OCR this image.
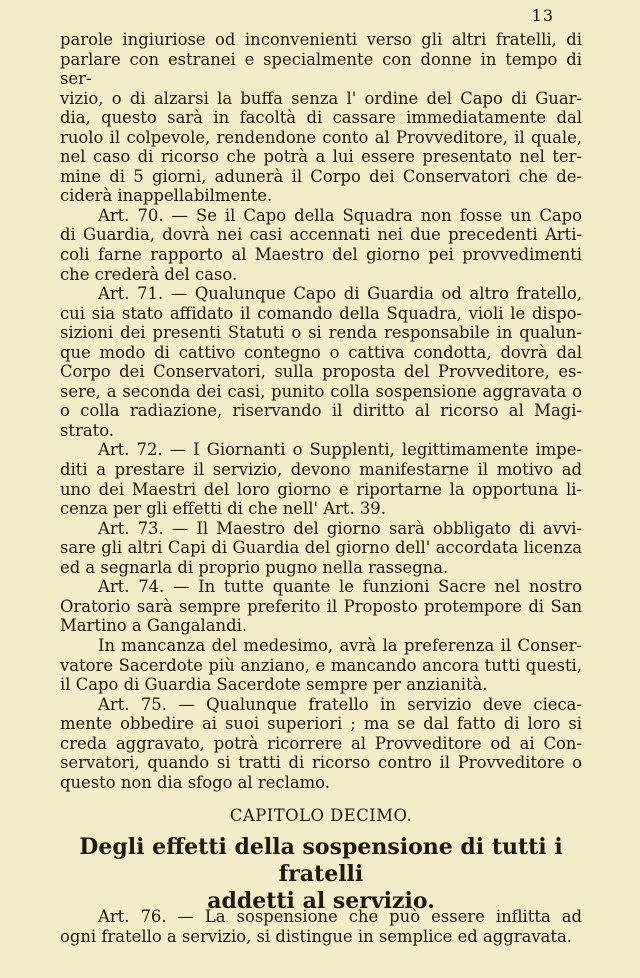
13

parole ingiuriose od inconvenienti verso gli altri fratelli, di

parlare con estranei e specialmente con donne in tempo di ser-

vizio, o di alzarsi la buffa senza l' ordine del Capo di Guar-

dia, questo sarà in facoltà di cassare immediatamente dal

ruolo il colpevole, rendendone conto al Provveditore, il quale,

nel caso di ricorso che potrà a lui essere presentato nel ter-

mine di 5 giorni, adunerà il Corpo dei Conservatori che de-

ciderà inappellabilmente.

Art. 70. — Se il Capo della Squadra non fosse un Capo

di Guardia, dovrà nei casi accennati nei due precedenti Arti-

coli farne rapporto al Maestro del giorno pei provvedimenti

che crederà del caso.

Art. 71. — Qualunque Capo di Guardia od altro fratello,

cui sia stato affidato il comando della Squadra, violi le dispo-

sizioni dei presenti Statuti o si renda responsabile in qualun-

que modo di cattivo contegno o cattiva condotta, dovrà dal

Corpo dei Conservatori, sulla proposta del Provveditore, es-

sere, a seconda dei casi, punito colla sospensione aggravata o

o colla radiazione, riservando il diritto al ricorso al Magi-

strato.

Art. 72. — I Giornanti o Supplenti, legittimamente impe-

diti a prestare il servizio, devono manifestarne il motivo ad

uno dei Maestri del loro giorno e riportarne la opportuna li-

cenza per gli effetti di che nell' Art. 39.

Art. 73. — Il Maestro del giorno sarà obbligato di avvi-

sare gli altri Capi di Guardia del giorno dell' accordata licenza

ed a segnarla di proprio pugno nella rassegna.

Art. 74. — In tutte quante le funzioni Sacre nel nostro

Oratorio sarà sempre preferito il Proposto protempore di San

Martino a Gangalandi.

In mancanza del medesimo, avrà la preferenza il Conser-

vatore Sacerdote più anziano, e mancando ancora tutti questi,

il Capo di Guardia Sacerdote sempre per anzianità.

Art. 75. — Qualunque fratello in servizio deve cieca-

mente obbedire ai suoi superiori ; ma se dal fatto di loro si

creda aggravato, potrà ricorrere al Provveditore od ai Con-

servatori, quando si tratti di ricorso contro il Provveditore o

questo non dia sfogo al reclamo.

CAPITOLO DECIMO.
Degli effetti della sospensione di tutti i fratelli
addetti al servizio.

Art. 76. — La sospensione che può essere inflitta ad

ogni fratello a servizio, si distingue in semplice ed aggravata.
